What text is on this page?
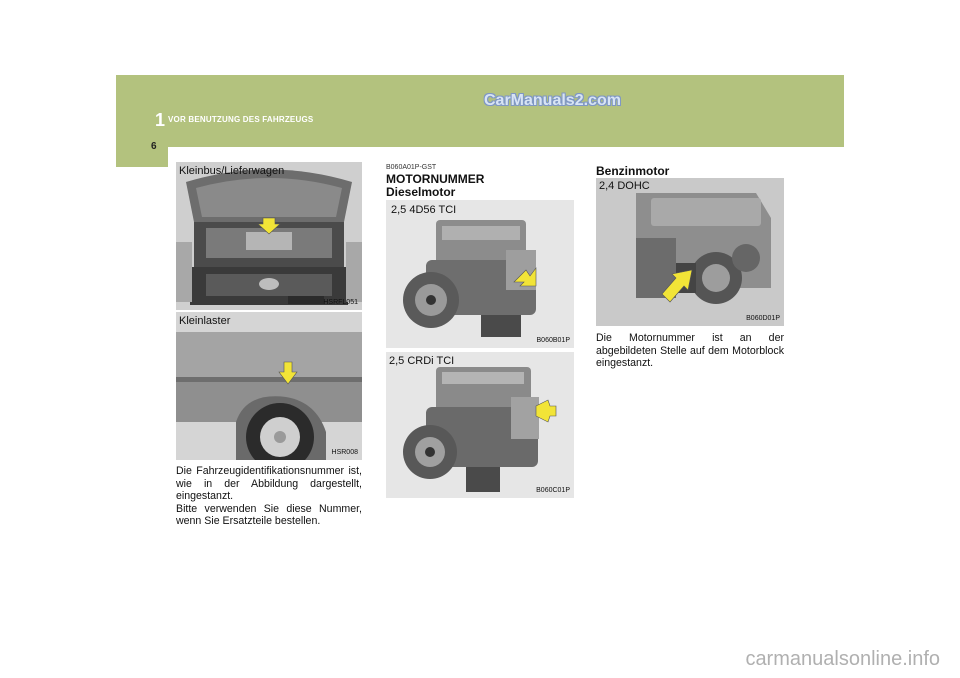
1 VOR BENUTZUNG DES FAHRZEUGS
6
CarManuals2.com
Kleinbus/Lieferwagen
HSRFL051
Kleinlaster
HSR008
Die Fahrzeugidentifikationsnummer ist, wie in der Abbildung dargestellt, eingestanzt.
Bitte verwenden Sie diese Nummer, wenn Sie Ersatzteile bestellen.
B060A01P-GST
MOTORNUMMER
Dieselmotor
2,5 4D56 TCI
B060B01P
2,5 CRDi TCI
B060C01P
Benzinmotor
2,4 DOHC
B060D01P
Die Motornummer ist an der abgebildeten Stelle auf dem Motorblock eingestanzt.
carmanualsonline.info
